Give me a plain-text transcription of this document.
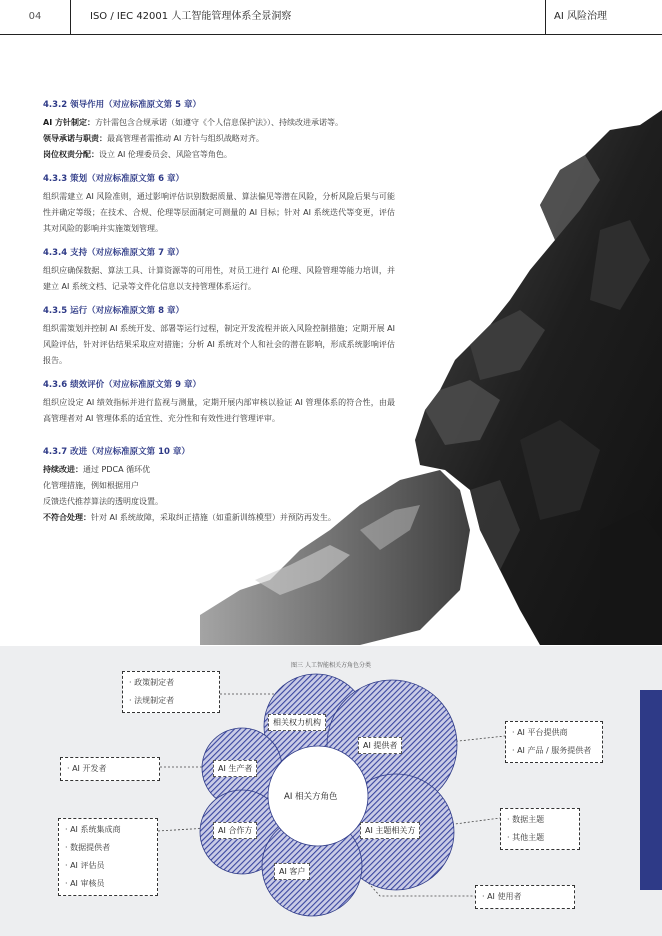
04	ISO / IEC 42001 人工智能管理体系全景洞察	AI 风险治理
4.3.2 领导作用（对应标准原文第 5 章）
AI 方针制定：方针需包含合规承诺（如遵守《个人信息保护法》）、持续改进承诺等。
领导承诺与职责：最高管理者需推动 AI 方针与组织战略对齐。
岗位权责分配：设立 AI 伦理委员会、风险官等角色。
4.3.3 策划（对应标准原文第 6 章）
组织需建立 AI 风险准则，通过影响评估识别数据质量、算法偏见等潜在风险，分析风险后果与可能性并确定等级；在技术、合规、伦理等层面制定可测量的 AI 目标；针对 AI 系统迭代等变更，评估其对风险的影响并实施策划管理。
4.3.4 支持（对应标准原文第 7 章）
组织应确保数据、算法工具、计算资源等的可用性，对员工进行 AI 伦理、风险管理等能力培训，并建立 AI 系统文档、记录等文件化信息以支持管理体系运行。
4.3.5 运行（对应标准原文第 8 章）
组织需策划并控制 AI 系统开发、部署等运行过程，制定开发流程并嵌入风险控制措施；定期开展 AI 风险评估，针对评估结果采取应对措施；分析 AI 系统对个人和社会的潜在影响，形成系统影响评估报告。
4.3.6 绩效评价（对应标准原文第 9 章）
组织应设定 AI 绩效指标并进行监视与测量，定期开展内部审核以验证 AI 管理体系的符合性，由最高管理者对 AI 管理体系的适宜性、充分性和有效性进行管理评审。
4.3.7 改进（对应标准原文第 10 章）
持续改进：通过 PDCA 循环优
化管理措施，例如根据用户
反馈迭代推荐算法的透明度设置。
不符合处理：针对 AI 系统故障，采取纠正措施（如重新训练模型）并预防再发生。
图三 人工智能相关方角色分类
AI 相关方角色
相关权力机构
AI 提供者
AI 生产者
AI 合作方	AI 主题相关方
AI 客户
· 政策制定者
· 法规制定者
· AI 平台提供商
· AI 产品 / 服务提供者
· AI 开发者
· AI 系统集成商
· 数据提供者
· AI 评估员
· AI 审核员
· 数据主题
· 其他主题
· AI 使用者
